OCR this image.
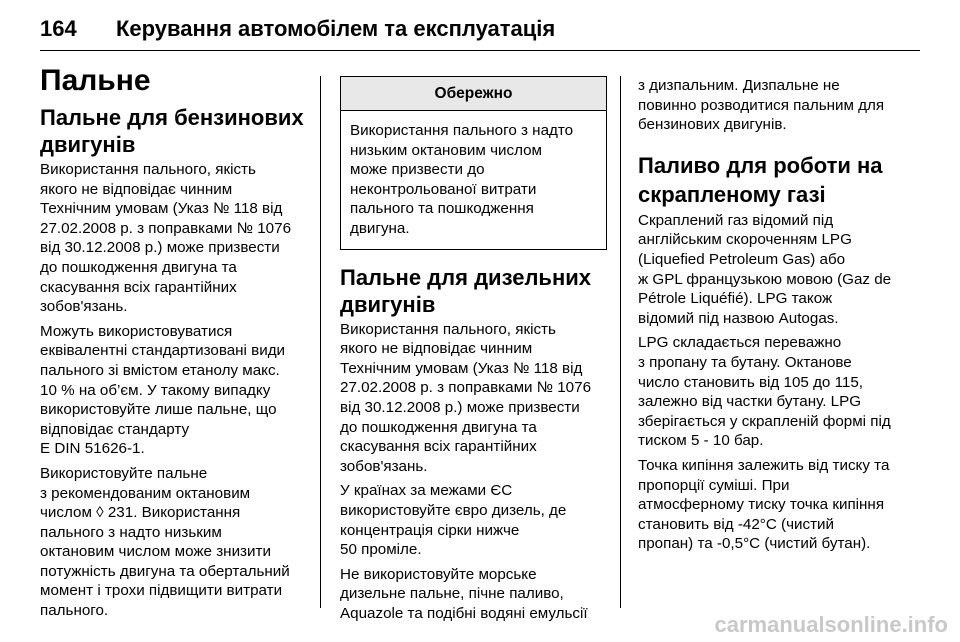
164 Керування автомобілем та експлуатація
Пальне
Пальне для бензинових
двигунів
Використання пального, якість
якого не відповідає чинним
Технічним умовам (Указ № 118 від
27.02.2008 р. з поправками № 1076
від 30.12.2008 р.) може призвести
до пошкодження двигуна та
скасування всіх гарантійних
зобов'язань.
Можуть використовуватися
еквівалентні стандартизовані види
пального зі вмістом етанолу макс.
10 % на об’єм. У такому випадку
використовуйте лише пальне, що
відповідає стандарту
E DIN 51626-1.
Використовуйте пальне
з рекомендованим октановим
числом ◊ 231. Використання
пального з надто низьким
октановим числом може знизити
потужність двигуна та обертальний
момент і трохи підвищити витрати
пального.
Обережно
Використання пального з надто
низьким октановим числом
може призвести до
неконтрольованої витрати
пального та пошкодження
двигуна.
Пальне для дизельних
двигунів
Використання пального, якість
якого не відповідає чинним
Технічним умовам (Указ № 118 від
27.02.2008 р. з поправками № 1076
від 30.12.2008 р.) може призвести
до пошкодження двигуна та
скасування всіх гарантійних
зобов'язань.
У країнах за межами ЄС
використовуйте євро дизель, де
концентрація сірки нижче
50 проміле.
Не використовуйте морське
дизельне пальне, пічне паливо,
Aquazole та подібні водяні емульсії
з дизпальним. Дизпальне не
повинно розводитися пальним для
бензинових двигунів.
Паливо для роботи на
скрапленому газі
Скраплений газ відомий під
англійським скороченням LPG
(Liquefied Petroleum Gas) або
ж GPL французькою мовою (Gaz de
Pétrole Liquéfié). LPG також
відомий під назвою Autogas.
LPG складається переважно
з пропану та бутану. Октанове
число становить від 105 до 115,
залежно від частки бутану. LPG
зберігається у скрапленій формі під
тиском 5 - 10 бар.
Точка кипіння залежить від тиску та
пропорції суміші. При
атмосферному тиску точка кипіння
становить від -42°C (чистий
пропан) та -0,5°C (чистий бутан).
carmanualsonline.info
